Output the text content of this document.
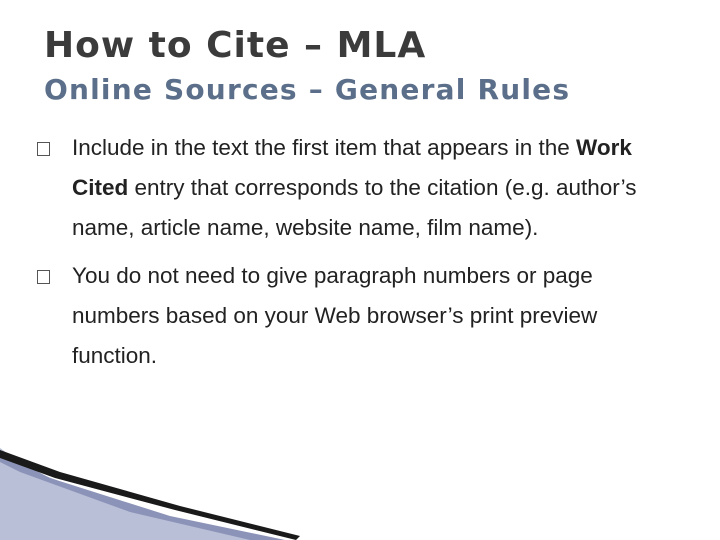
How to Cite – MLA
Online Sources – General Rules
Include in the text the first item that appears in the Work Cited entry that corresponds to the citation (e.g. author’s name, article name, website name, film name).
You do not need to give paragraph numbers or page numbers based on your Web browser’s print preview function.
